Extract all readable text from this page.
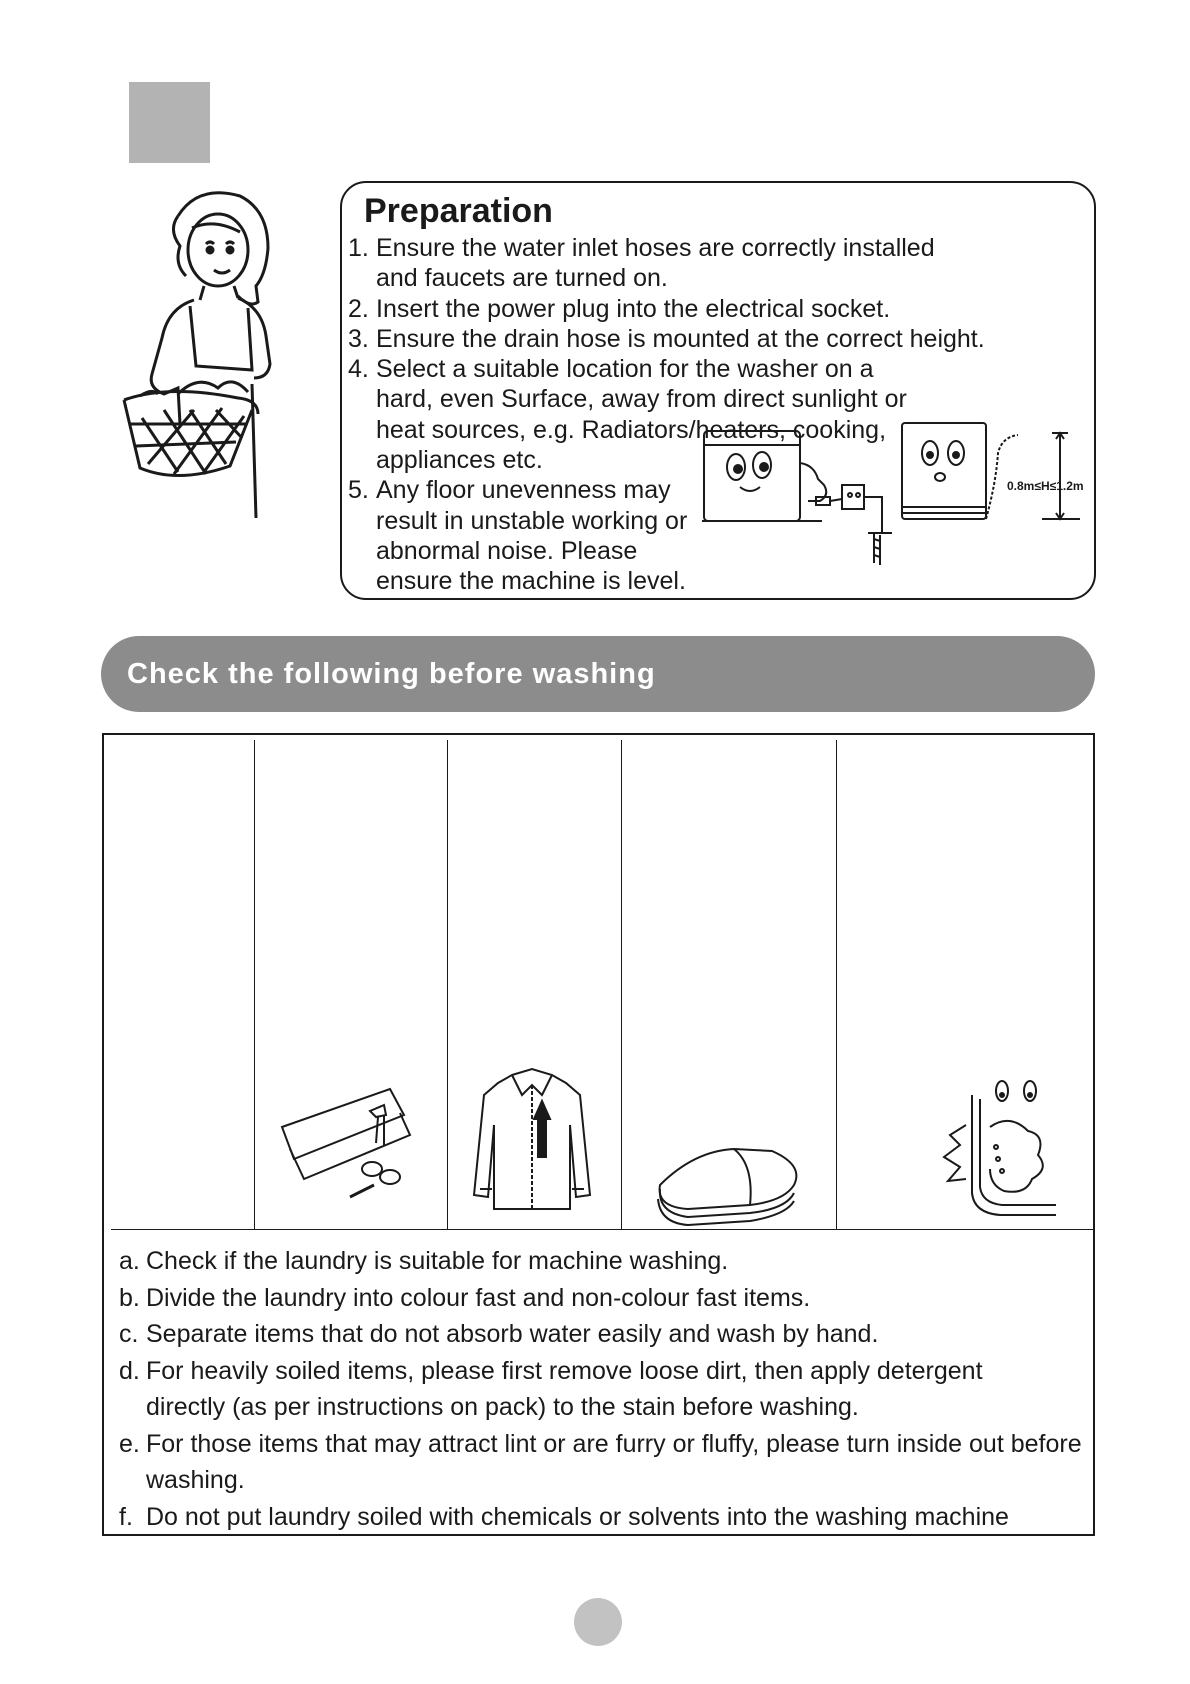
Preparation
1. Ensure the water inlet hoses are correctly installed and faucets are turned on.
2. Insert the power plug into the electrical socket.
3. Ensure the drain hose is mounted at the correct height.
4. Select a suitable location for the washer on a hard, even Surface, away from direct sunlight or heat sources, e.g. Radiators/heaters, cooking, appliances etc.
5. Any floor unevenness may result in unstable working or abnormal noise. Please ensure the machine is level.
0.8m≤H≤1.2m
Check the following before washing
a. Check if the laundry is suitable for machine washing.
b. Divide the laundry into colour fast and non-colour fast items.
c. Separate items that do not absorb water easily and wash by hand.
d. For heavily soiled items, please first remove loose dirt, then apply detergent directly (as per instructions on pack) to the stain before washing.
e. For those items that may attract lint or are furry or fluffy, please turn inside out before washing.
f. Do not put laundry soiled with chemicals or solvents into the washing machine
